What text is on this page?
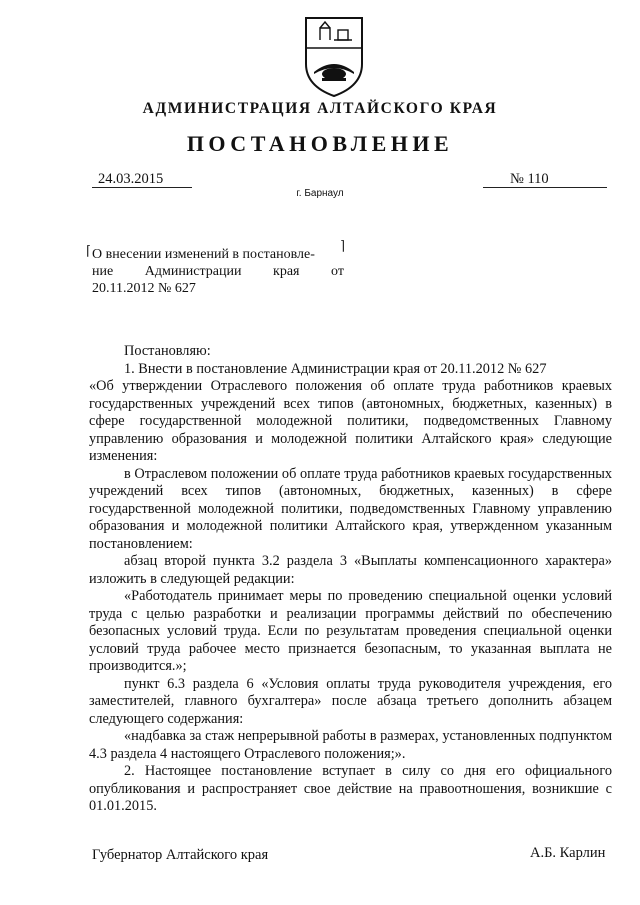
АДМИНИСТРАЦИЯ АЛТАЙСКОГО КРАЯ
ПОСТАНОВЛЕНИЕ
24.03.2015	№ 110
г. Барнаул
⌈	⌉
О внесении изменений в постановле-
ние Администрации края от
20.11.2012 № 627

Постановляю:

1. Внести в постановление Администрации края от 20.11.2012 № 627

«Об утверждении Отраслевого положения об оплате труда работников краевых государственных учреждений всех типов (автономных, бюджетных, казенных) в сфере государственной молодежной политики, подведомственных Главному управлению образования и молодежной политики Алтайского края» следующие изменения:

в Отраслевом положении об оплате труда работников краевых государственных учреждений всех типов (автономных, бюджетных, казенных) в сфере государственной молодежной политики, подведомственных Главному управлению образования и молодежной политики Алтайского края, утвержденном указанным постановлением:

абзац второй пункта 3.2 раздела 3 «Выплаты компенсационного характера» изложить в следующей редакции:

«Работодатель принимает меры по проведению специальной оценки условий труда с целью разработки и реализации программы действий по обеспечению безопасных условий труда. Если по результатам проведения специальной оценки условий труда рабочее место признается безопасным, то указанная выплата не производится.»;

пункт 6.3 раздела 6 «Условия оплаты труда руководителя учреждения, его заместителей, главного бухгалтера» после абзаца третьего дополнить абзацем следующего содержания:

«надбавка за стаж непрерывной работы в размерах, установленных подпунктом 4.3 раздела 4 настоящего Отраслевого положения;».

2. Настоящее постановление вступает в силу со дня его официального опубликования и распространяет свое действие на правоотношения, возникшие с 01.01.2015.

Губернатор Алтайского края	А.Б. Карлин
